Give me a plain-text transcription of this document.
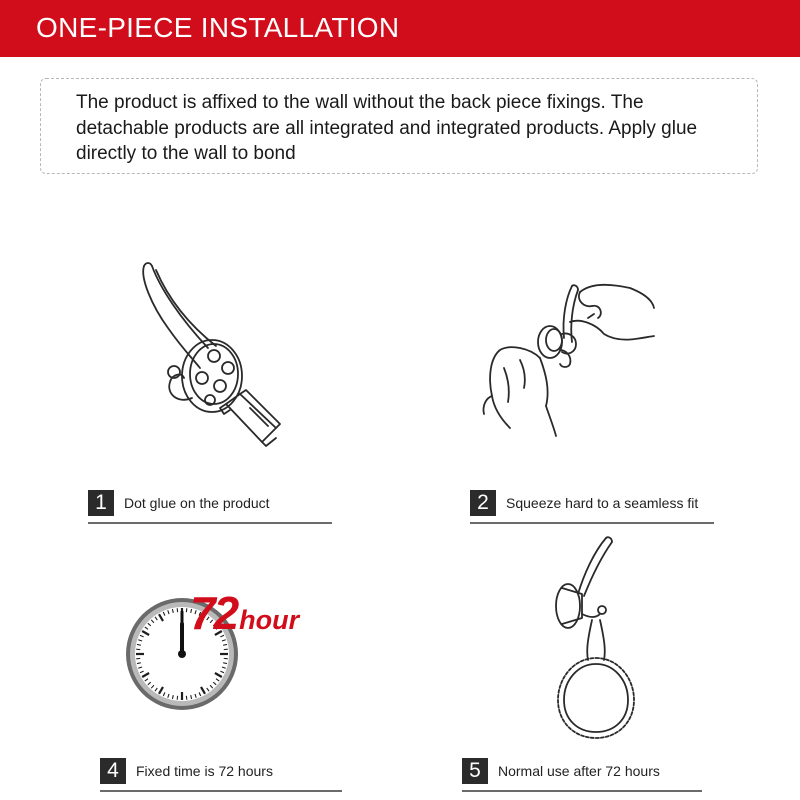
ONE-PIECE INSTALLATION
The product is affixed to the wall without the back piece fixings. The detachable products are all integrated and integrated products. Apply glue directly to the wall to bond
1	Dot glue on the product	2	Squeeze hard to a seamless fit
72hour
4	Fixed time is 72 hours	5	Normal use after 72 hours
